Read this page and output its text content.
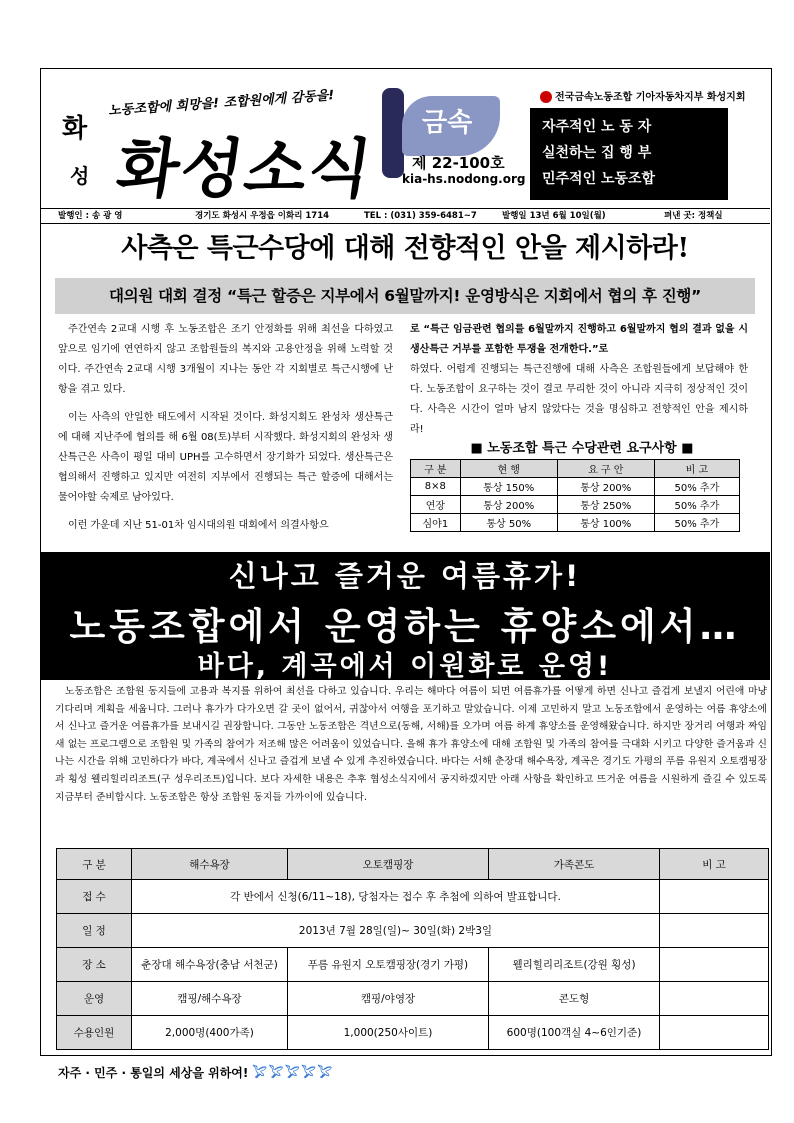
화
성
노동조합에 희망을! 조합원에게 감동을!
화성소식
금속
제 22-100호
kia-hs.nodong.org
전국금속노동조합 기아자동차지부 화성지회
자주적인 노 동 자
실천하는 집 행 부
민주적인 노동조합
발행인 : 송 광 영	경기도 화성시 우정읍 이화리 1714	TEL : (031) 359-6481~7	발행일 13년 6월 10일(월)	펴낸 곳: 정책실
사측은 특근수당에 대해 전향적인 안을 제시하라!
대의원 대회 결정 “특근 할증은 지부에서 6월말까지! 운영방식은 지회에서 협의 후 진행”

주간연속 2교대 시행 후 노동조합은 조기 안정화를 위해 최선을 다하였고 앞으로 임기에 연연하지 않고 조합원들의 복지와 고용안정을 위해 노력할 것이다. 주간연속 2교대 시행 3개월이 지나는 동안 각 지회별로 특근시행에 난항을 겪고 있다.

이는 사측의 안일한 태도에서 시작된 것이다. 화성지회도 완성차 생산특근에 대해 지난주에 협의를 해 6월 08(토)부터 시작했다. 화성지회의 완성차 생산특근은 사측이 평일 대비 UPH를 고수하면서 장기화가 되었다. 생산특근은 협의해서 진행하고 있지만 여전히 지부에서 진행되는 특근 할증에 대해서는 물어야할 숙제로 남아있다.

이런 가운데 지난 51-01차 임시대의원 대회에서 의결사항으

로 “특근 임금관련 협의를 6월말까지 진행하고 6월말까지 협의 결과 없을 시 생산특근 거부를 포함한 투쟁을 전개한다.”로
하였다. 어렵게 진행되는 특근진행에 대해 사측은 조합원들에게 보답해야 한다. 노동조합이 요구하는 것이 결코 무리한 것이 아니라 지극히 정상적인 것이다. 사측은 시간이 얼마 남지 않았다는 것을 명심하고 전향적인 안을 제시하라!
■ 노동조합 특근 수당관련 요구사항 ■
구 분	현 행	요 구 안	비 고
8×8	통상 150%	통상 200%	50% 추가
연장	통상 200%	통상 250%	50% 추가
심야1	통상 50%	통상 100%	50% 추가
신나고 즐거운 여름휴가!
노동조합에서 운영하는 휴양소에서…
바다, 계곡에서 이원화로 운영!

노동조합은 조합원 동지들에 고용과 복지를 위하여 최선을 다하고 있습니다. 우리는 해마다 여름이 되면 여름휴가를 어떻게 하면 신나고 즐겁게 보낼지 어린애 마냥 기다리며 계획을 세웁니다. 그러나 휴가가 다가오면 갈 곳이 없어서, 귀찮아서 여행을 포기하고 말았습니다. 이제 고민하지 말고 노동조합에서 운영하는 여름 휴양소에서 신나고 즐거운 여름휴가를 보내시길 권장합니다. 그동안 노동조합은 격년으로(동해, 서해)를 오가며 여름 하계 휴양소를 운영해왔습니다. 하지만 장거리 여행과 짜임새 없는 프로그램으로 조합원 및 가족의 참여가 저조해 많은 어려움이 있었습니다. 올해 휴가 휴양소에 대해 조합원 및 가족의 참여를 극대화 시키고 다양한 즐거움과 신나는 시간을 위해 고민하다가 바다, 계곡에서 신나고 즐겁게 보낼 수 있게 추진하였습니다. 바다는 서해 춘장대 해수욕장, 계곡은 경기도 가평의 푸름 유원지 오토캠핑장과 횡성 웰리힐리리조트(구 성우리조트)입니다. 보다 자세한 내용은 추후 협성소식지에서 공지하겠지만 아래 사항을 확인하고 뜨거운 여름을 시원하게 즐길 수 있도록 지금부터 준비합시다. 노동조합은 항상 조합원 동지들 가까이에 있습니다.

구 분	해수욕장	오토캠핑장	가족콘도	비 고
접 수	각 반에서 신청(6/11~18), 당첨자는 접수 후 추첨에 의하여 발표합니다.			
일 정	2013년 7월 28일(일)~ 30일(화) 2박3일			
장 소	춘장대 해수욕장(충남 서천군)	푸름 유원지 오토캠핑장(경기 가평)	웰리힐리리조트(강원 횡성)	
운영	캠핑/해수욕장	캠핑/야영장	콘도형	
수용인원	2,000명(400가족)	1,000(250사이트)	600명(100객실 4~6인기준)	
자주 · 민주 · 통일의 세상을 위하여! 𓅯𓅯𓅯𓅯𓅯
